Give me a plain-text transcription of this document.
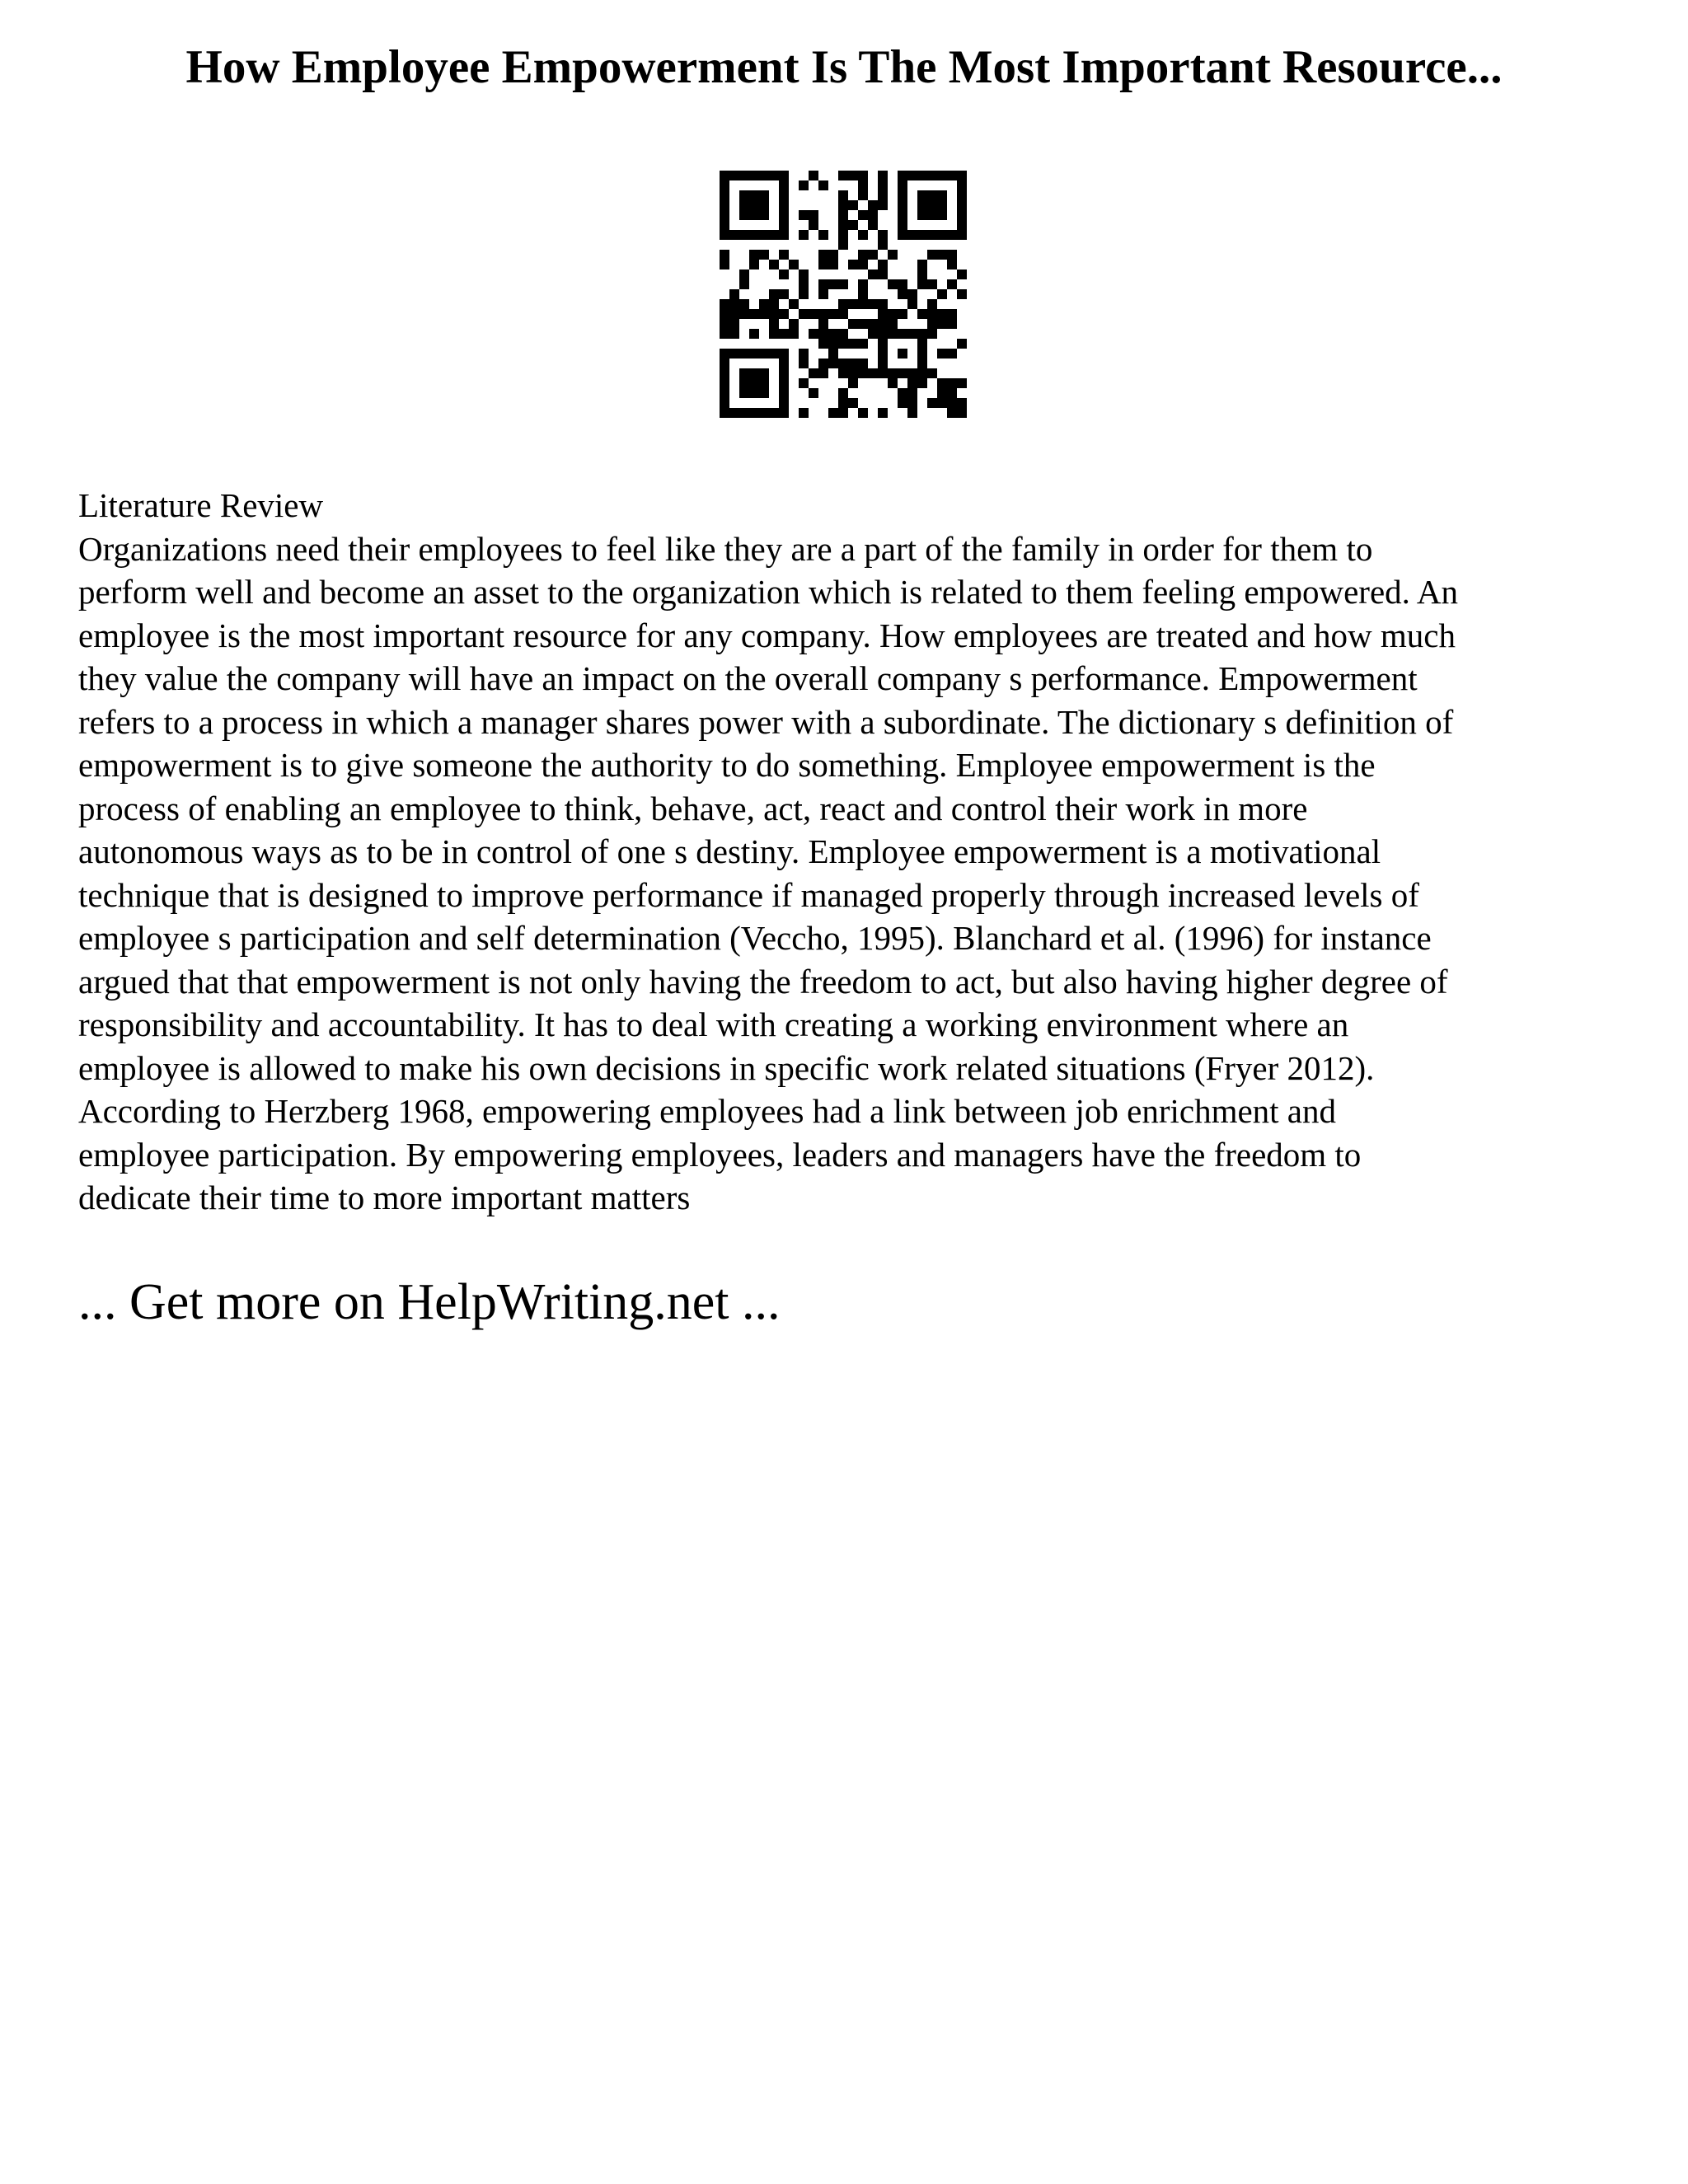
How Employee Empowerment Is The Most Important Resource...

Literature Review

Organizations need their employees to feel like they are a part of the family in order for them to
perform well and become an asset to the organization which is related to them feeling empowered. An
employee is the most important resource for any company. How employees are treated and how much
they value the company will have an impact on the overall company s performance. Empowerment
refers to a process in which a manager shares power with a subordinate. The dictionary s definition of
empowerment is to give someone the authority to do something. Employee empowerment is the
process of enabling an employee to think, behave, act, react and control their work in more
autonomous ways as to be in control of one s destiny. Employee empowerment is a motivational
technique that is designed to improve performance if managed properly through increased levels of
employee s participation and self determination (Veccho, 1995). Blanchard et al. (1996) for instance
argued that that empowerment is not only having the freedom to act, but also having higher degree of
responsibility and accountability. It has to deal with creating a working environment where an
employee is allowed to make his own decisions in specific work related situations (Fryer 2012).
According to Herzberg 1968, empowering employees had a link between job enrichment and
employee participation. By empowering employees, leaders and managers have the freedom to
dedicate their time to more important matters

... Get more on HelpWriting.net ...
